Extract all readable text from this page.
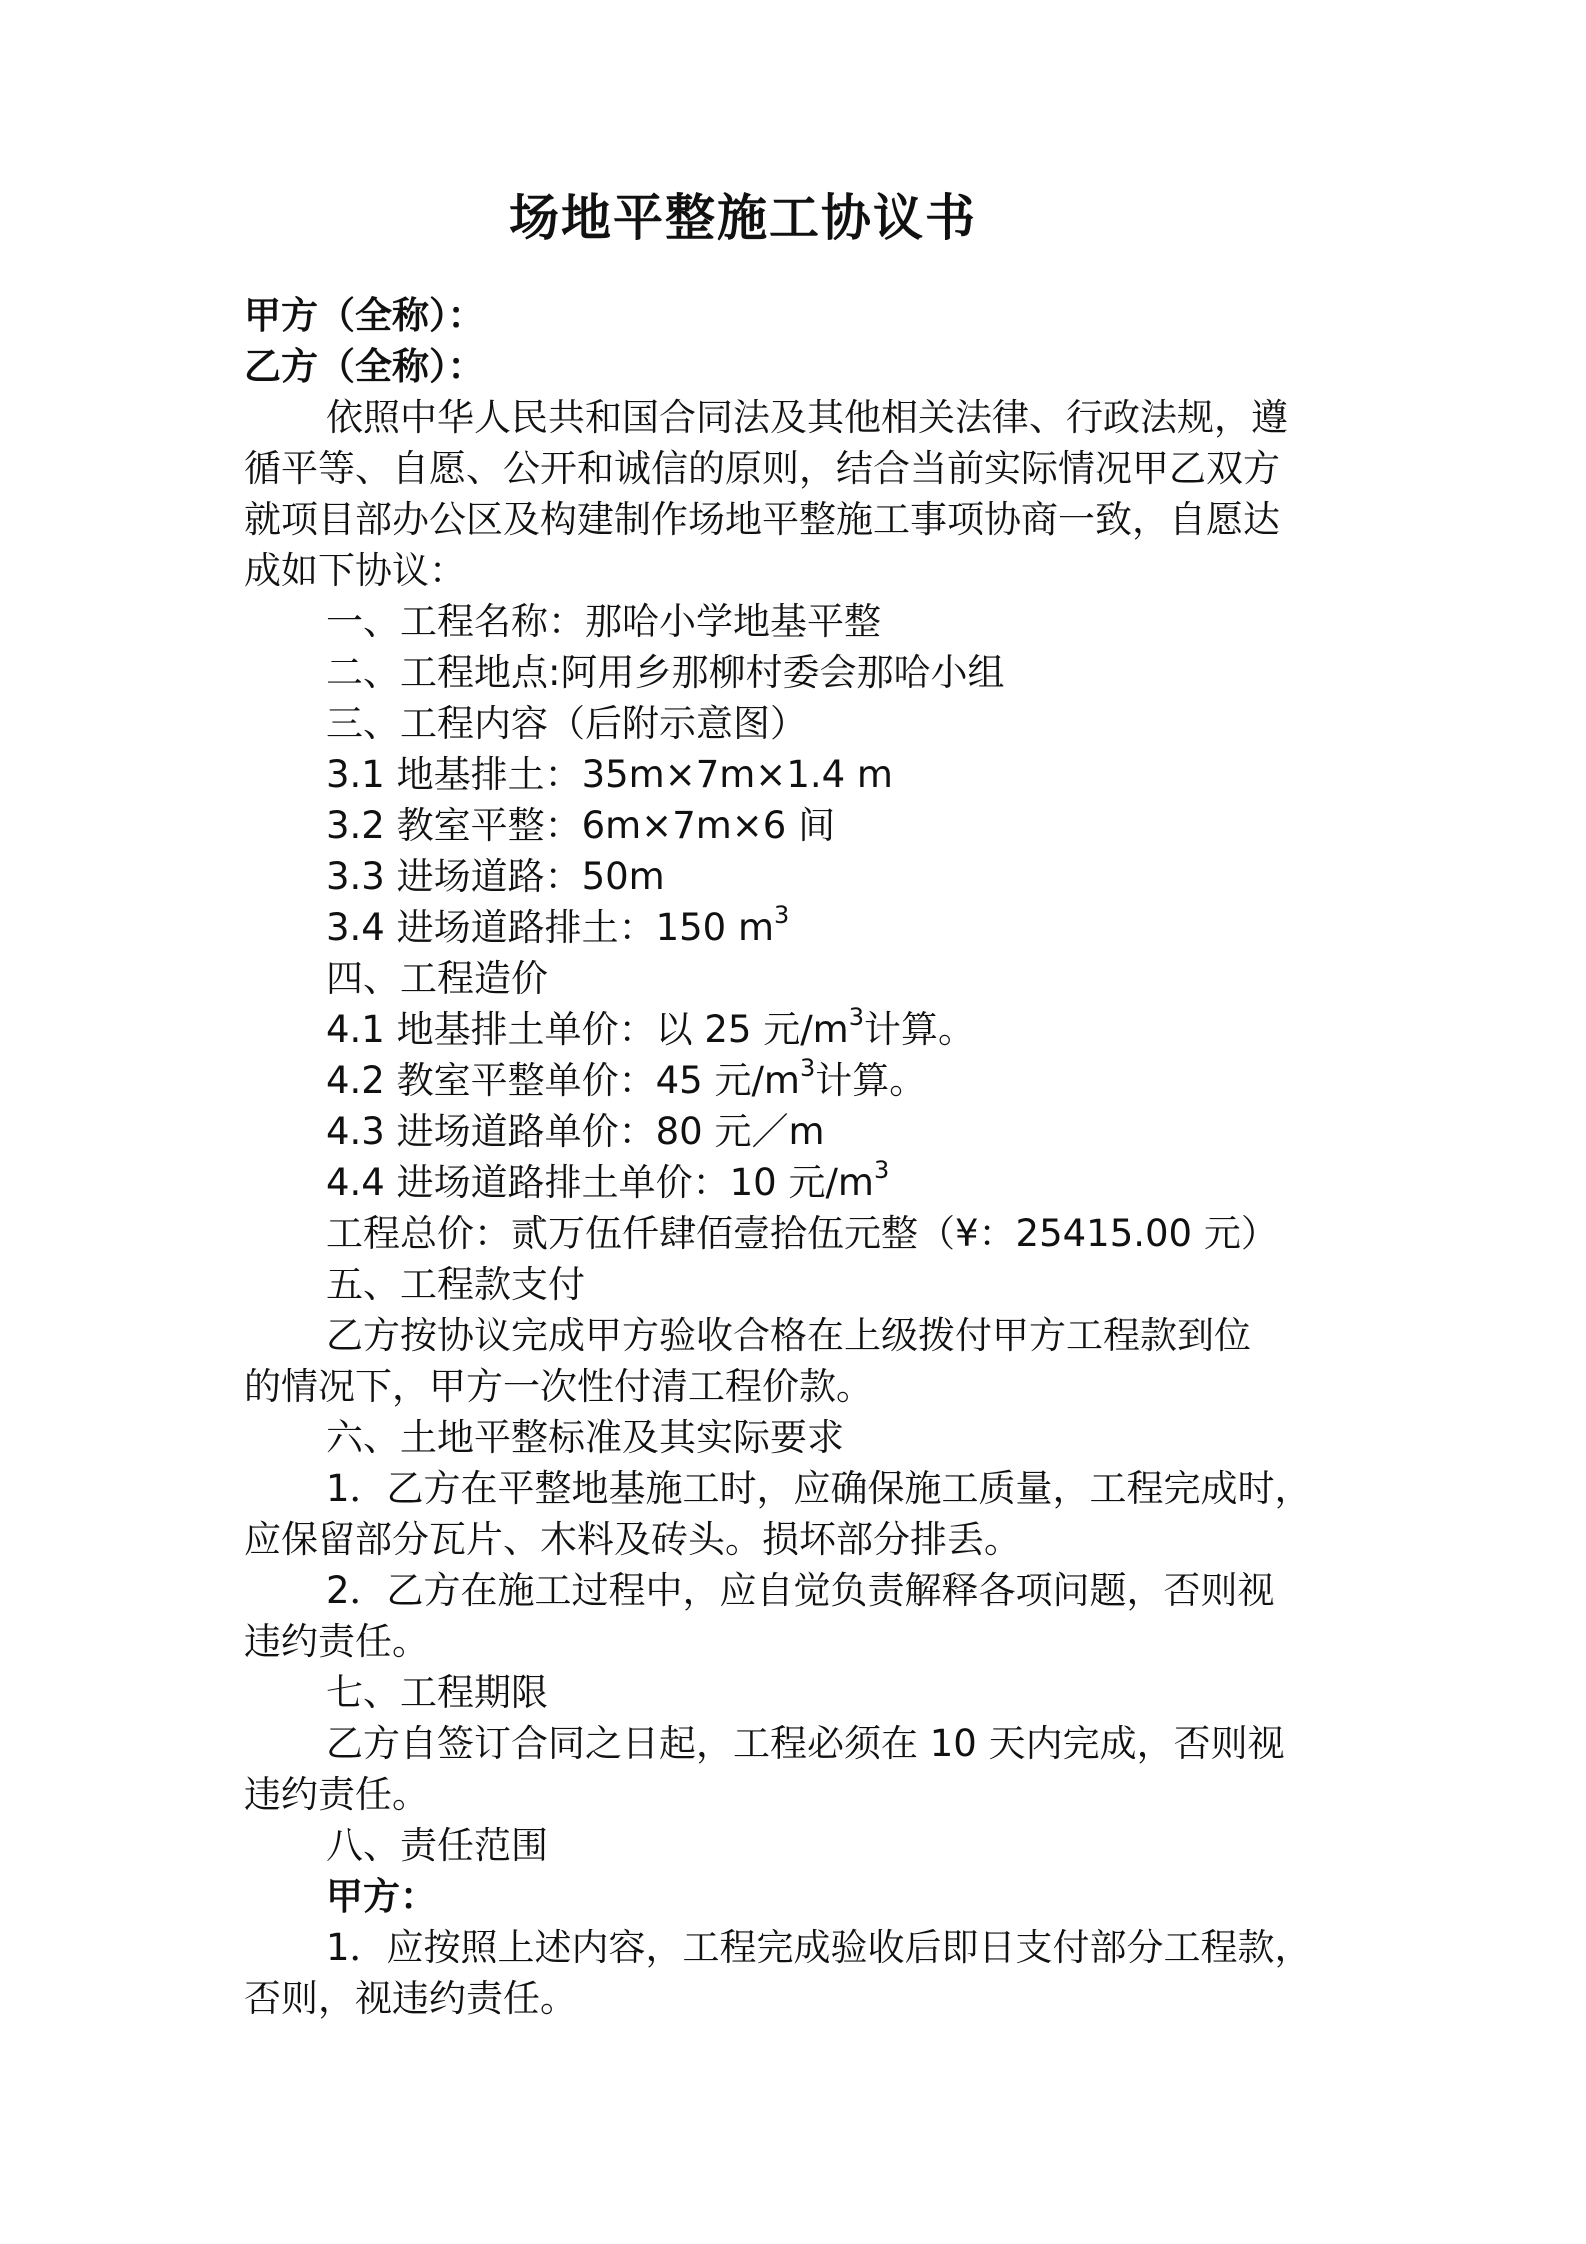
场地平整施工协议书
甲方（全称）：
乙方（全称）：
依照中华人民共和国合同法及其他相关法律、行政法规，遵
循平等、自愿、公开和诚信的原则，结合当前实际情况甲乙双方
就项目部办公区及构建制作场地平整施工事项协商一致，自愿达
成如下协议：
一、工程名称：那哈小学地基平整
二、工程地点:阿用乡那柳村委会那哈小组
三、工程内容（后附示意图）
3.1 地基排土：35m×7m×1.4 m
3.2 教室平整：6m×7m×6 间
3.3 进场道路：50m
3.4 进场道路排土：150 $m^3$
四、工程造价
4.1 地基排土单价：以 25 元$/m^3$计算。
4.2 教室平整单价：45 元$/m^3$计算。
4.3 进场道路单价：80 元／m
4.4 进场道路排土单价：10 元$/m^3$
工程总价：贰万伍仟肆佰壹拾伍元整（¥：25415.00 元）
五、工程款支付
乙方按协议完成甲方验收合格在上级拨付甲方工程款到位
的情况下，甲方一次性付清工程价款。
六、土地平整标准及其实际要求
1．乙方在平整地基施工时，应确保施工质量，工程完成时，
应保留部分瓦片、木料及砖头。损坏部分排丢。
2．乙方在施工过程中，应自觉负责解释各项问题，否则视
违约责任。
七、工程期限
乙方自签订合同之日起，工程必须在 10 天内完成，否则视
违约责任。
八、责任范围
甲方：
1．应按照上述内容，工程完成验收后即日支付部分工程款，
否则，视违约责任。
